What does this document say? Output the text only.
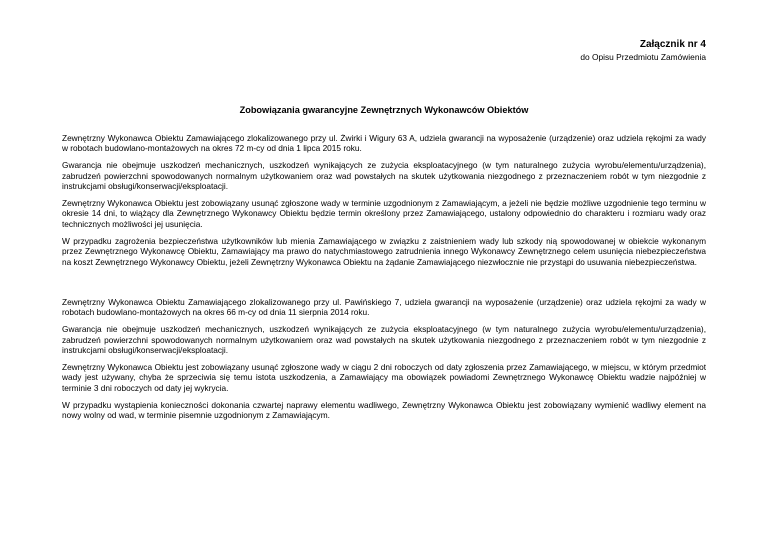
Załącznik nr 4
do Opisu Przedmiotu Zamówienia
Zobowiązania gwarancyjne Zewnętrznych Wykonawców Obiektów

Zewnętrzny Wykonawca Obiektu Zamawiającego zlokalizowanego przy ul. Żwirki i Wigury 63 A, udziela gwarancji na wyposażenie (urządzenie) oraz udziela rękojmi za wady w robotach budowlano-montażowych na okres 72 m-cy od dnia 1 lipca 2015 roku.

Gwarancja nie obejmuje uszkodzeń mechanicznych, uszkodzeń wynikających ze zużycia eksploatacyjnego (w tym naturalnego zużycia wyrobu/elementu/urządzenia), zabrudzeń powierzchni spowodowanych normalnym użytkowaniem oraz wad powstałych na skutek użytkowania niezgodnego z przeznaczeniem robót w tym niezgodnie z instrukcjami obsługi/konserwacji/eksploatacji.

Zewnętrzny Wykonawca Obiektu jest zobowiązany usunąć zgłoszone wady w terminie uzgodnionym z Zamawiającym, a jeżeli nie będzie możliwe uzgodnienie tego terminu w okresie 14 dni, to wiążący dla Zewnętrznego Wykonawcy Obiektu będzie termin określony przez Zamawiającego, ustalony odpowiednio do charakteru i rozmiaru wady oraz technicznych możliwości jej usunięcia.

W przypadku zagrożenia bezpieczeństwa użytkowników lub mienia Zamawiającego w związku z zaistnieniem wady lub szkody nią spowodowanej w obiekcie wykonanym przez Zewnętrznego Wykonawcę Obiektu, Zamawiający ma prawo do natychmiastowego zatrudnienia innego Wykonawcy Zewnętrznego celem usunięcia niebezpieczeństwa na koszt Zewnętrznego Wykonawcy Obiektu, jeżeli Zewnętrzny Wykonawca Obiektu na żądanie Zamawiającego niezwłocznie nie przystąpi do usuwania niebezpieczeństwa.

Zewnętrzny Wykonawca Obiektu Zamawiającego zlokalizowanego przy ul. Pawińskiego 7, udziela gwarancji na wyposażenie (urządzenie) oraz udziela rękojmi za wady w robotach budowlano-montażowych na okres 66 m-cy od dnia 11 sierpnia 2014 roku.

Gwarancja nie obejmuje uszkodzeń mechanicznych, uszkodzeń wynikających ze zużycia eksploatacyjnego (w tym naturalnego zużycia wyrobu/elementu/urządzenia), zabrudzeń powierzchni spowodowanych normalnym użytkowaniem oraz wad powstałych na skutek użytkowania niezgodnego z przeznaczeniem robót w tym niezgodnie z instrukcjami obsługi/konserwacji/eksploatacji.

Zewnętrzny Wykonawca Obiektu jest zobowiązany usunąć zgłoszone wady w ciągu 2 dni roboczych od daty zgłoszenia przez Zamawiającego, w miejscu, w którym przedmiot wady jest używany, chyba że sprzeciwia się temu istota uszkodzenia, a Zamawiający ma obowiązek powiadomi Zewnętrznego Wykonawcę Obiektu wadzie najpóźniej w terminie 3 dni roboczych od daty jej wykrycia.

W przypadku wystąpienia konieczności dokonania czwartej naprawy elementu wadliwego, Zewnętrzny Wykonawca Obiektu jest zobowiązany wymienić wadliwy element na nowy wolny od wad, w terminie pisemnie uzgodnionym z Zamawiającym.
